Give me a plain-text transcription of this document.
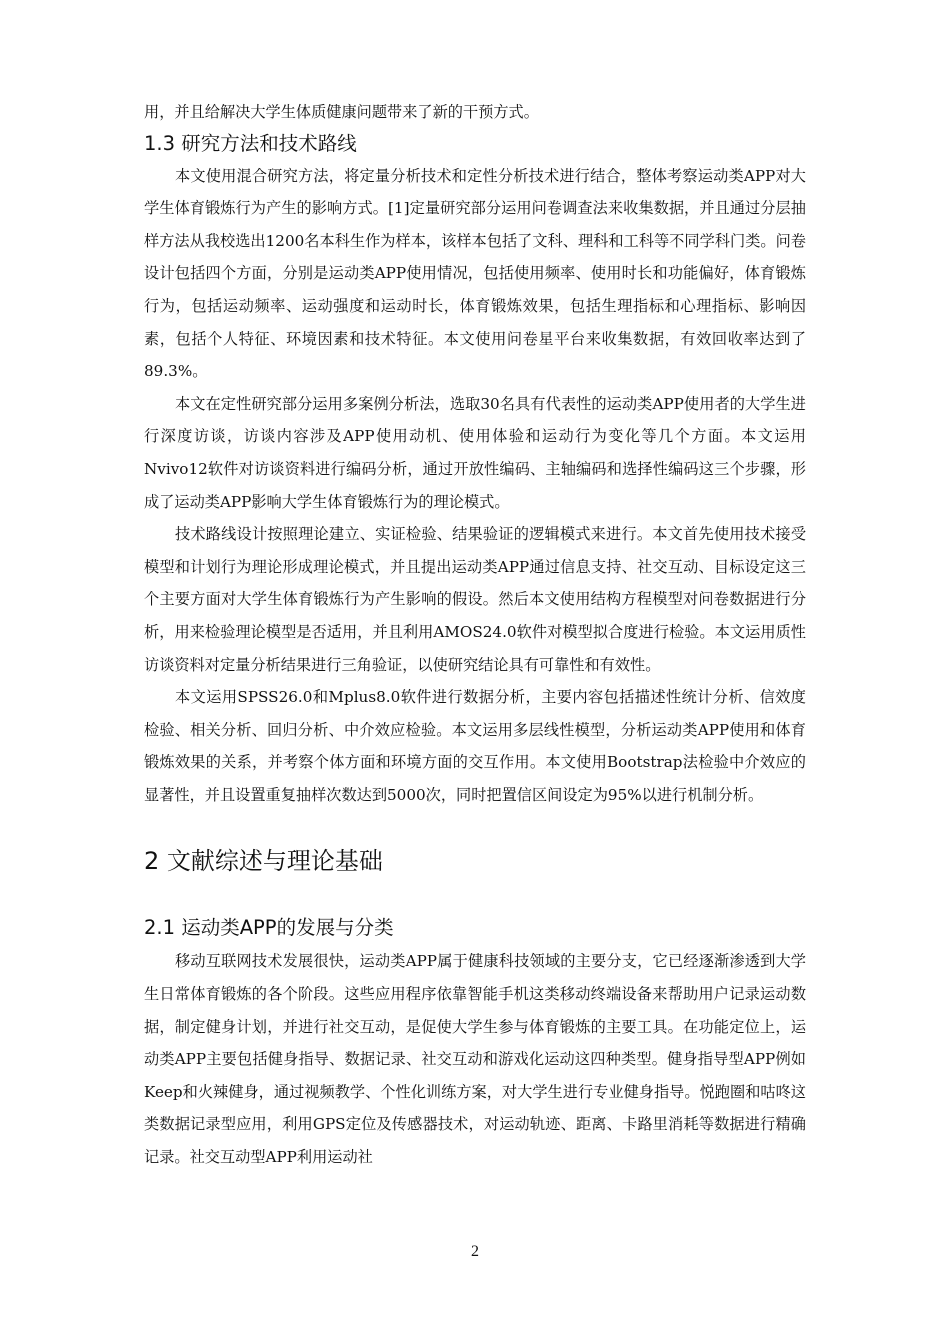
用，并且给解决大学生体质健康问题带来了新的干预方式。

1.3 研究方法和技术路线

本文使用混合研究方法，将定量分析技术和定性分析技术进行结合，整体考察运动类APP对大学生体育锻炼行为产生的影响方式。[1]定量研究部分运用问卷调查法来收集数据，并且通过分层抽样方法从我校选出1200名本科生作为样本，该样本包括了文科、理科和工科等不同学科门类。问卷设计包括四个方面，分别是运动类APP使用情况，包括使用频率、使用时长和功能偏好，体育锻炼行为，包括运动频率、运动强度和运动时长，体育锻炼效果，包括生理指标和心理指标、影响因素，包括个人特征、环境因素和技术特征。本文使用问卷星平台来收集数据，有效回收率达到了89.3%。

本文在定性研究部分运用多案例分析法，选取30名具有代表性的运动类APP使用者的大学生进行深度访谈，访谈内容涉及APP使用动机、使用体验和运动行为变化等几个方面。本文运用Nvivo12软件对访谈资料进行编码分析，通过开放性编码、主轴编码和选择性编码这三个步骤，形成了运动类APP影响大学生体育锻炼行为的理论模式。

技术路线设计按照理论建立、实证检验、结果验证的逻辑模式来进行。本文首先使用技术接受模型和计划行为理论形成理论模式，并且提出运动类APP通过信息支持、社交互动、目标设定这三个主要方面对大学生体育锻炼行为产生影响的假设。然后本文使用结构方程模型对问卷数据进行分析，用来检验理论模型是否适用，并且利用AMOS24.0软件对模型拟合度进行检验。本文运用质性访谈资料对定量分析结果进行三角验证，以使研究结论具有可靠性和有效性。

本文运用SPSS26.0和Mplus8.0软件进行数据分析，主要内容包括描述性统计分析、信效度检验、相关分析、回归分析、中介效应检验。本文运用多层线性模型，分析运动类APP使用和体育锻炼效果的关系，并考察个体方面和环境方面的交互作用。本文使用Bootstrap法检验中介效应的显著性，并且设置重复抽样次数达到5000次，同时把置信区间设定为95%以进行机制分析。

2 文献综述与理论基础
2.1 运动类APP的发展与分类

移动互联网技术发展很快，运动类APP属于健康科技领域的主要分支，它已经逐渐渗透到大学生日常体育锻炼的各个阶段。这些应用程序依靠智能手机这类移动终端设备来帮助用户记录运动数据，制定健身计划，并进行社交互动，是促使大学生参与体育锻炼的主要工具。在功能定位上，运动类APP主要包括健身指导、数据记录、社交互动和游戏化运动这四种类型。健身指导型APP例如Keep和火辣健身，通过视频教学、个性化训练方案，对大学生进行专业健身指导。悦跑圈和咕咚这类数据记录型应用，利用GPS定位及传感器技术，对运动轨迹、距离、卡路里消耗等数据进行精确记录。社交互动型APP利用运动社

2
